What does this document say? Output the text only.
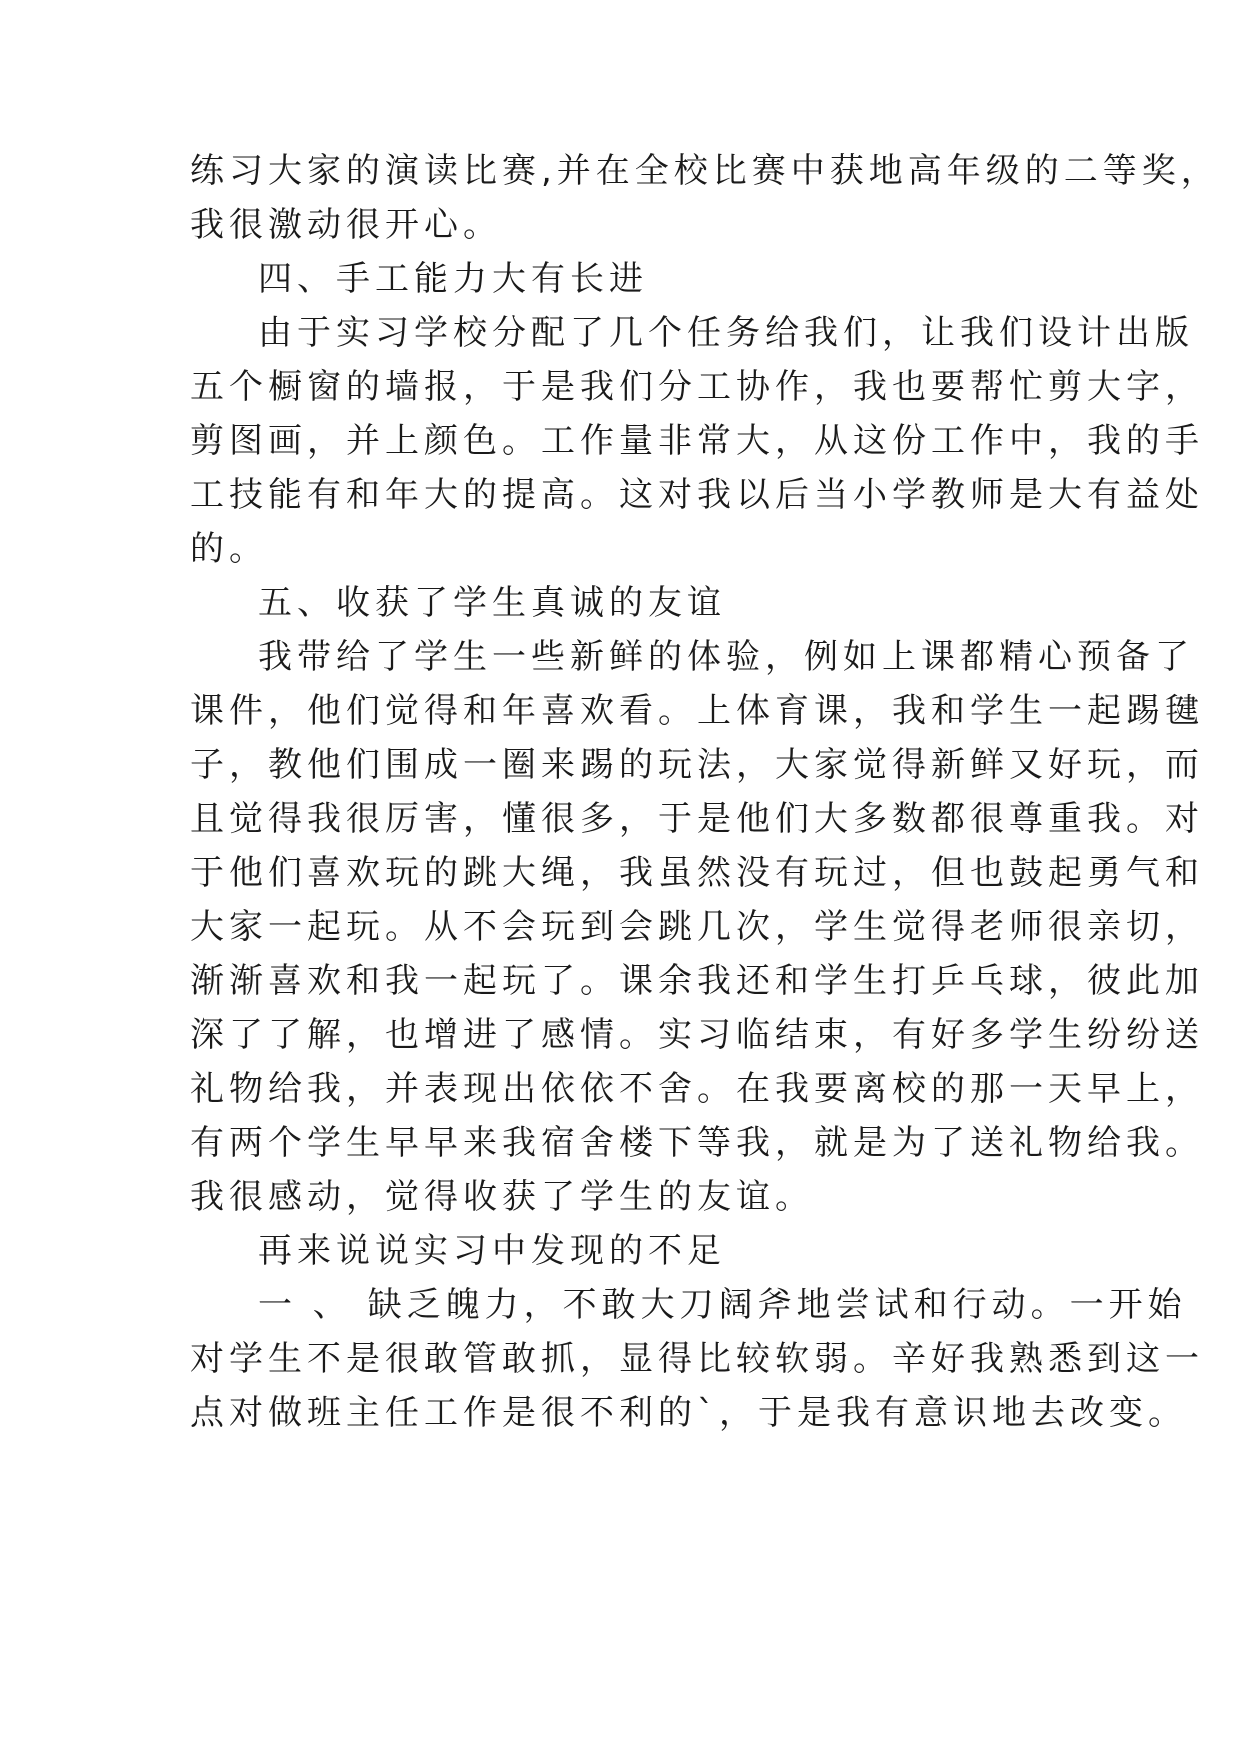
练习大家的演读比赛,并在全校比赛中获地高年级的二等奖，
我很激动很开心。
四、手工能力大有长进
由于实习学校分配了几个任务给我们，让我们设计出版
五个橱窗的墙报，于是我们分工协作，我也要帮忙剪大字，
剪图画，并上颜色。工作量非常大，从这份工作中，我的手
工技能有和年大的提高。这对我以后当小学教师是大有益处
的。
五、收获了学生真诚的友谊
我带给了学生一些新鲜的体验，例如上课都精心预备了
课件，他们觉得和年喜欢看。上体育课，我和学生一起踢毽
子，教他们围成一圈来踢的玩法，大家觉得新鲜又好玩，而
且觉得我很厉害，懂很多，于是他们大多数都很尊重我。对
于他们喜欢玩的跳大绳，我虽然没有玩过，但也鼓起勇气和
大家一起玩。从不会玩到会跳几次，学生觉得老师很亲切，
渐渐喜欢和我一起玩了。课余我还和学生打乒乓球，彼此加
深了了解，也增进了感情。实习临结束，有好多学生纷纷送
礼物给我，并表现出依依不舍。在我要离校的那一天早上，
有两个学生早早来我宿舍楼下等我，就是为了送礼物给我。
我很感动，觉得收获了学生的友谊。
再来说说实习中发现的不足
一 、 缺乏魄力，不敢大刀阔斧地尝试和行动。一开始
对学生不是很敢管敢抓，显得比较软弱。辛好我熟悉到这一
点对做班主任工作是很不利的`，于是我有意识地去改变。
